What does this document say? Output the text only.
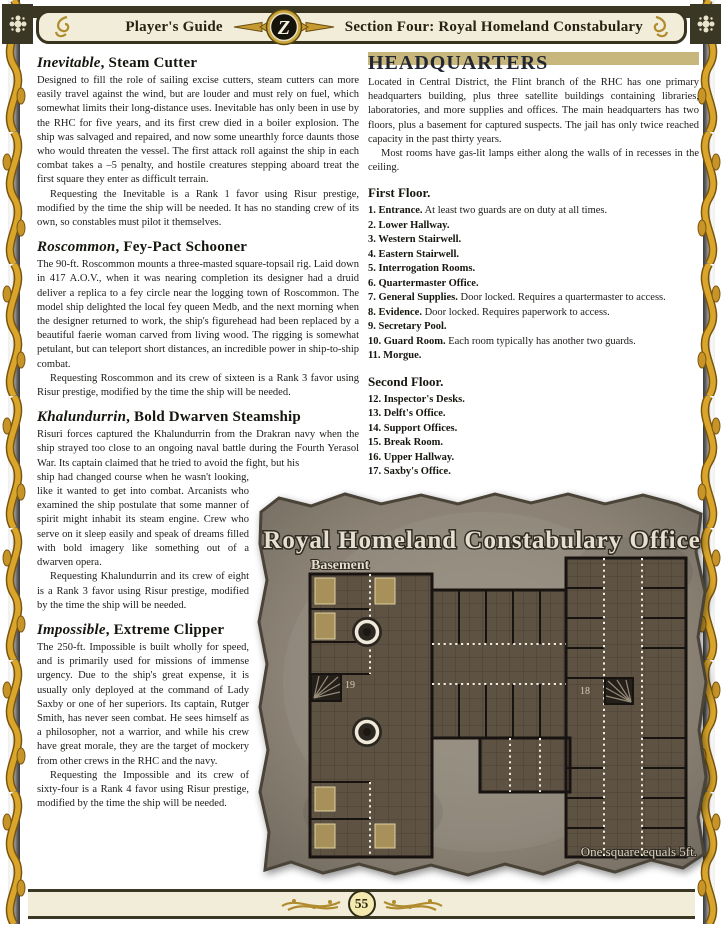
Player's Guide	Z	Section Four: Royal Homeland Constabulary
Inevitable, Steam Cutter

Designed to fill the role of sailing excise cutters, steam cutters can more easily travel against the wind, but are louder and must rely on fuel, which somewhat limits their long-distance uses. Inevitable has only been in use by the RHC for five years, and its first crew died in a boiler explosion. The ship was salvaged and repaired, and now some unearthly force daunts those who would threaten the vessel. The first attack roll against the ship in each combat takes a –5 penalty, and hostile creatures stepping aboard treat the first square they enter as difficult terrain.

Requesting the Inevitable is a Rank 1 favor using Risur prestige, modified by the time the ship will be needed. It has no standing crew of its own, so constables must pilot it themselves.

Roscommon, Fey-Pact Schooner

The 90-ft. Roscommon mounts a three-masted square-topsail rig. Laid down in 417 A.O.V., when it was nearing completion its designer had a druid deliver a replica to a fey circle near the logging town of Roscommon. The model ship delighted the local fey queen Medb, and the next morning when the designer returned to work, the ship's figurehead had been replaced by a beautiful faerie woman carved from living wood. The rigging is somewhat petulant, but can teleport short distances, an incredible power in ship-to-ship combat.

Requesting Roscommon and its crew of sixteen is a Rank 3 favor using Risur prestige, modified by the time the ship will be needed.

Khalundurrin, Bold Dwarven Steamship

Risuri forces captured the Khalundurrin from the Drakran navy when the ship strayed too close to an ongoing naval battle during the Fourth Yerasol War. Its captain claimed that he tried to avoid the fight, but his

ship had changed course when he wasn't looking, like it wanted to get into combat. Arcanists who examined the ship postulate that some manner of spirit might inhabit its steam engine. Crew who serve on it sleep easily and speak of dreams filled with bold imagery like something out of a dwarven opera.

Requesting Khalundurrin and its crew of eight is a Rank 3 favor using Risur prestige, modified by the time the ship will be needed.

Impossible, Extreme Clipper

The 250-ft. Impossible is built wholly for speed, and is primarily used for missions of immense urgency. Due to the ship's great expense, it is usually only deployed at the command of Lady Saxby or one of her superiors. Its captain, Rutger Smith, has never seen combat. He sees himself as a philosopher, not a warrior, and while his crew have great morale, they are the target of mockery from other crews in the RHC and the navy.

Requesting the Impossible and its crew of sixty-four is a Rank 4 favor using Risur prestige, modified by the time the ship will be needed.

HEADQUARTERS

Located in Central District, the Flint branch of the RHC has one primary headquarters building, plus three satellite buildings containing libraries, laboratories, and more supplies and offices. The main headquarters has two floors, plus a basement for captured suspects. The jail has only twice reached capacity in the past thirty years.

Most rooms have gas-lit lamps either along the walls of in recesses in the ceiling.

First Floor.
1. Entrance. At least two guards are on duty at all times.
2. Lower Hallway.
3. Western Stairwell.
4. Eastern Stairwell.
5. Interrogation Rooms.
6. Quartermaster Office.
7. General Supplies. Door locked. Requires a quartermaster to access.
8. Evidence. Door locked. Requires paperwork to access.
9. Secretary Pool.
10. Guard Room. Each room typically has another two guards.
11. Morgue.
Second Floor.
12. Inspector's Desks.
13. Delft's Office.
14. Support Offices.
15. Break Room.
16. Upper Hallway.
17. Saxby's Office.
Royal Homeland Constabulary Office
Basement
19
18
One square equals 5ft.
55
